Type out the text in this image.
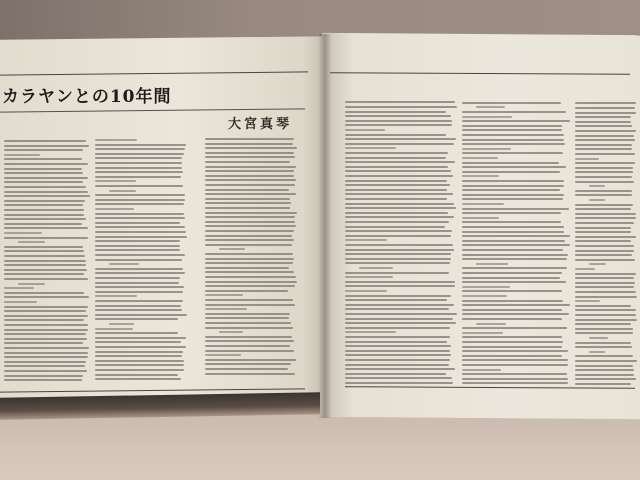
カラヤンとの10年間
大宮真琴
